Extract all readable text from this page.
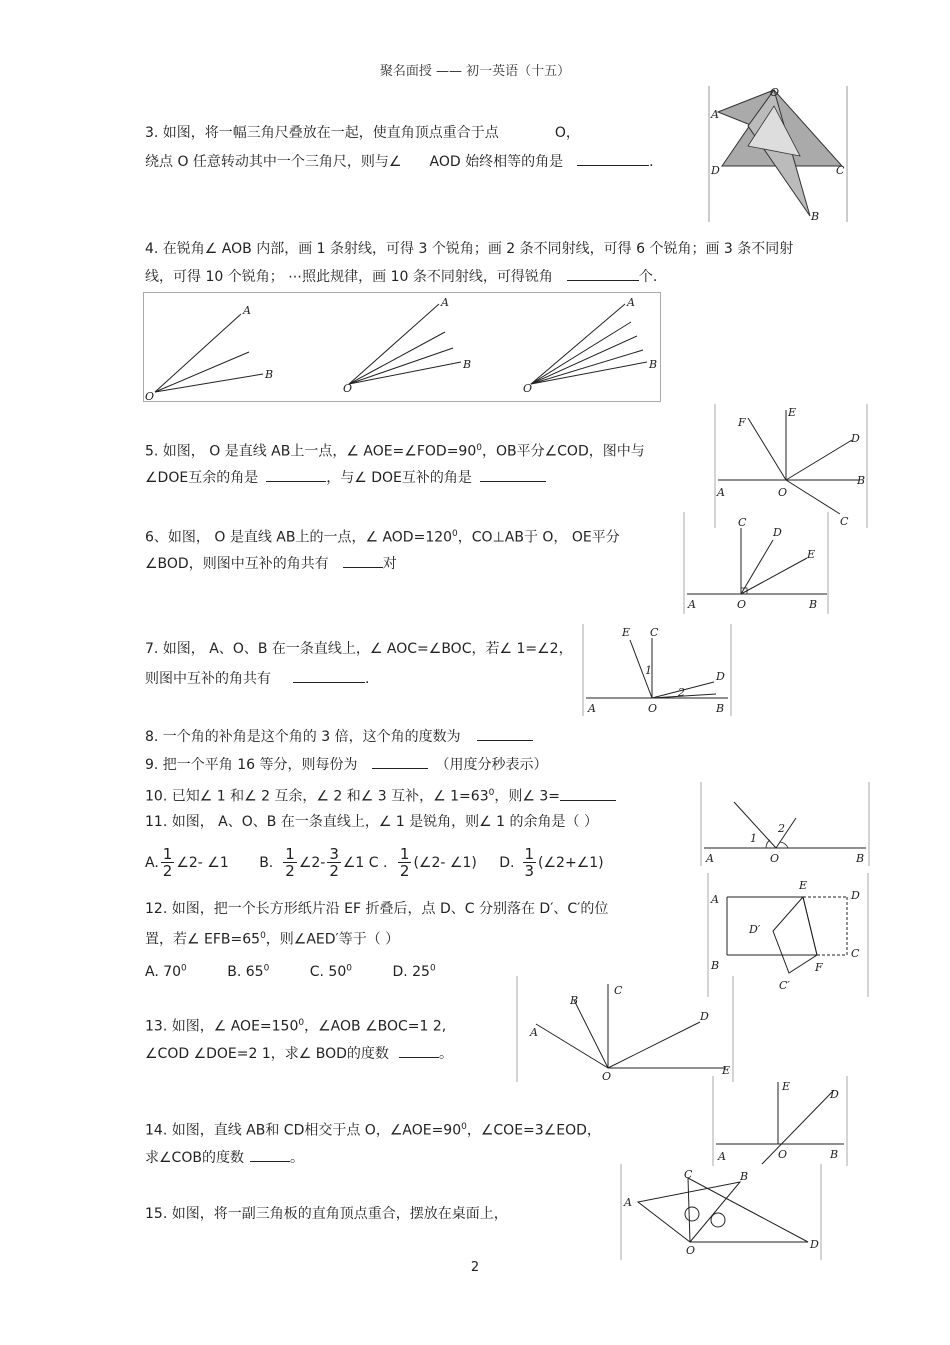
聚名面授 —— 初一英语（十五）
3. 如图，将一幅三角尺叠放在一起，使直角顶点重合于点	O，
绕点 O 任意转动其中一个三角尺，则与∠ AOD 始终相等的角是	.
O
A
D	C
B
4. 在锐角∠ AOB 内部，画 1 条射线，可得 3 个锐角；画 2 条不同射线，可得 6 个锐角；画 3 条不同射
线，可得 10 个锐角； ⋯照此规律，画 10 条不同射线，可得锐角	个.
A
B
O
A
B
O
A
B
O
5. 如图， O 是直线 AB上一点，∠ $AOE=\angle FOD=90^0$，OB平分∠COD，图中与
∠DOE互余的角是	，与∠ DOE互补的角是
F
E
D
A	O
B
C
6、如图， O 是直线 AB上的一点，∠ $AOD=120^0$，CO⊥AB于 O， OE平分
∠BOD，则图中互补的角共有	对
C
D
E
A	O	B
7. 如图， A、O、B 在一条直线上，∠ AOC=∠BOC，若∠ 1=∠2，
则图中互补的角共有	.
E C
1	D
2
A	O	B
8. 一个角的补角是这个角的 3 倍，这个角的度数为
9. 把一个平角 16 等分，则每份为	（用度分秒表示）
10. 已知∠ 1 和∠ 2 互余，∠ 2 和∠ 3 互补，∠ $1=63^0$，则∠ 3=
11. 如图， A、O、B 在一条直线上，∠ 1 是锐角，则∠ 1 的余角是（ ）
A. $\frac{1}{2}$ ∠2- ∠1 B. $\frac{1}{2}$ ∠2- $\frac{3}{2}$ ∠1 C . $\frac{1}{2}$ (∠2- ∠1) D. $\frac{1}{3}$ (∠2+∠1)
1
2
A	O	B
12. 如图，把一个长方形纸片沿 EF 折叠后，点 D、C 分别落在 D′、C′的位
置，若∠ $EFB=65^0$，则∠AED′等于（ ）
A. $70^0$	B. $65^0$	C. $50^0$	D. $25^0$
A
E
D
D′
B	F
C
C′
13. 如图，∠ $AOE=150^0$，∠AOB ∠BOC=1 2,
∠COD ∠DOE=2 1，求∠ BOD的度数	。
B
C
D
A
O	E
14. 如图，直线 AB和 CD相交于点 O，$\angle AOE=90^0$，∠COE=3∠EOD，
求∠COB的度数	。
E
D
A	O	B
15. 如图，将一副三角板的直角顶点重合，摆放在桌面上，
C	B
A
O	D
2
